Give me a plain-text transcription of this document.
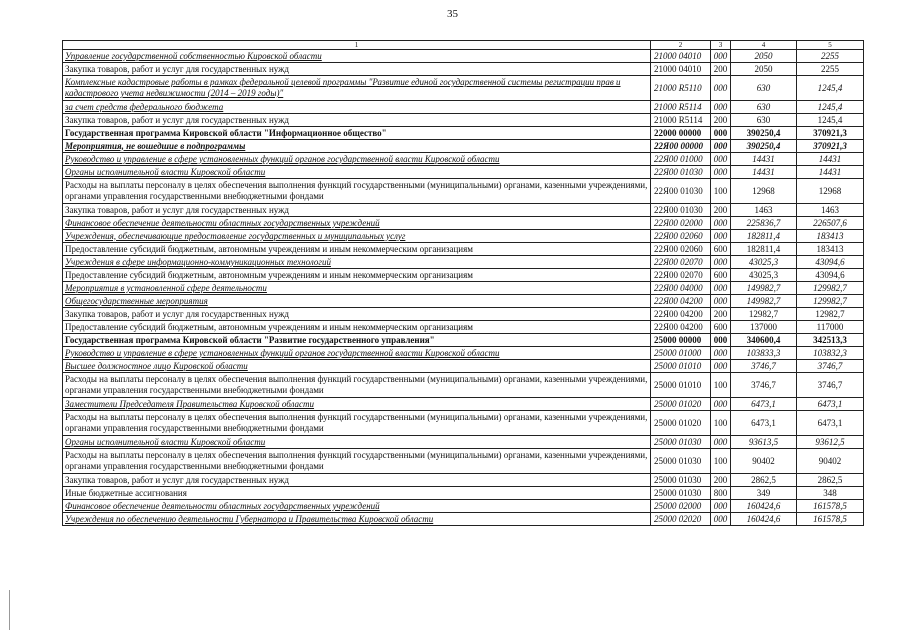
35
1	2	3	4	5
Управление государственной собственностью Кировской области	21000 04010	000	2050	2255
Закупка товаров, работ и услуг для государственных нужд	21000 04010	200	2050	2255
Комплексные кадастровые работы в рамках федеральной целевой программы "Развитие единой государственной системы регистрации прав и кадастрового учета недвижимости (2014 – 2019 годы)"	21000 R5110	000	630	1245,4
за счет средств федерального бюджета	21000 R5114	000	630	1245,4
Закупка товаров, работ и услуг для государственных нужд	21000 R5114	200	630	1245,4
Государственная программа Кировской области "Информационное общество"	22000 00000	000	390250,4	370921,3
Мероприятия, не вошедшие в подпрограммы	22Я00 00000	000	390250,4	370921,3
Руководство и управление в сфере установленных функций органов государственной власти Кировской области	22Я00 01000	000	14431	14431
Органы исполнительной власти Кировской области	22Я00 01030	000	14431	14431
Расходы на выплаты персоналу в целях обеспечения выполнения функций государственными (муниципальными) органами, казенными учреждениями, органами управления государственными внебюджетными фондами	22Я00 01030	100	12968	12968
Закупка товаров, работ и услуг для государственных нужд	22Я00 01030	200	1463	1463
Финансовое обеспечение деятельности областных государственных учреждений	22Я00 02000	000	225836,7	226507,6
Учреждения, обеспечивающие предоставление государственных и муниципальных услуг	22Я00 02060	000	182811,4	183413
Предоставление субсидий бюджетным, автономным учреждениям и иным некоммерческим организациям	22Я00 02060	600	182811,4	183413
Учреждения в сфере информационно-коммуникационных технологий	22Я00 02070	000	43025,3	43094,6
Предоставление субсидий бюджетным, автономным учреждениям и иным некоммерческим организациям	22Я00 02070	600	43025,3	43094,6
Мероприятия в установленной сфере деятельности	22Я00 04000	000	149982,7	129982,7
Общегосударственные мероприятия	22Я00 04200	000	149982,7	129982,7
Закупка товаров, работ и услуг для государственных нужд	22Я00 04200	200	12982,7	12982,7
Предоставление субсидий бюджетным, автономным учреждениям и иным некоммерческим организациям	22Я00 04200	600	137000	117000
Государственная программа Кировской области "Развитие государственного управления"	25000 00000	000	340600,4	342513,3
Руководство и управление в сфере установленных функций органов государственной власти Кировской области	25000 01000	000	103833,3	103832,3
Высшее должностное лицо Кировской области	25000 01010	000	3746,7	3746,7
Расходы на выплаты персоналу в целях обеспечения выполнения функций государственными (муниципальными) органами, казенными учреждениями, органами управления государственными внебюджетными фондами	25000 01010	100	3746,7	3746,7
Заместители Председателя Правительства Кировской области	25000 01020	000	6473,1	6473,1
Расходы на выплаты персоналу в целях обеспечения выполнения функций государственными (муниципальными) органами, казенными учреждениями, органами управления государственными внебюджетными фондами	25000 01020	100	6473,1	6473,1
Органы исполнительной власти Кировской области	25000 01030	000	93613,5	93612,5
Расходы на выплаты персоналу в целях обеспечения выполнения функций государственными (муниципальными) органами, казенными учреждениями, органами управления государственными внебюджетными фондами	25000 01030	100	90402	90402
Закупка товаров, работ и услуг для государственных нужд	25000 01030	200	2862,5	2862,5
Иные бюджетные ассигнования	25000 01030	800	349	348
Финансовое обеспечение деятельности областных государственных учреждений	25000 02000	000	160424,6	161578,5
Учреждения по обеспечению деятельности Губернатора и Правительства Кировской области	25000 02020	000	160424,6	161578,5
